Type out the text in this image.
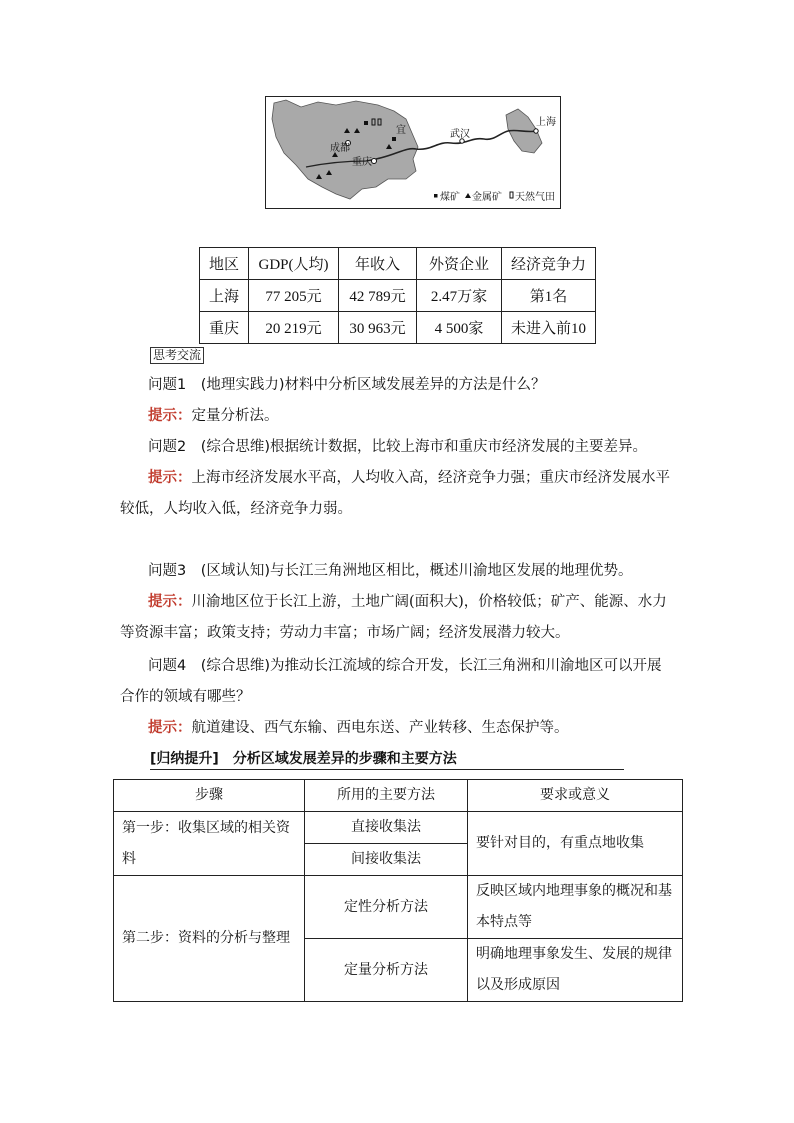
成都
重庆
武汉
上海
宜
煤矿 金属矿 天然气田
地区	GDP(人均)	年收入	外资企业	经济竞争力
上海	77 205元	42 789元	2.47万家	第1名
重庆	20 219元	30 963元	4 500家	未进入前10
思考交流
问题1　(地理实践力)材料中分析区域发展差异的方法是什么？
提示：定量分析法。
问题2　(综合思维)根据统计数据，比较上海市和重庆市经济发展的主要差异。
提示：上海市经济发展水平高，人均收入高，经济竞争力强；重庆市经济发展水平较低，人均收入低，经济竞争力弱。
问题3　(区域认知)与长江三角洲地区相比，概述川渝地区发展的地理优势。
提示：川渝地区位于长江上游，土地广阔(面积大)，价格较低；矿产、能源、水力等资源丰富；政策支持；劳动力丰富；市场广阔；经济发展潜力较大。
问题4　(综合思维)为推动长江流域的综合开发，长江三角洲和川渝地区可以开展合作的领域有哪些？
提示：航道建设、西气东输、西电东送、产业转移、生态保护等。
[归纳提升]　分析区域发展差异的步骤和主要方法
步骤	所用的主要方法	要求或意义
第一步：收集区域的相关资料	直接收集法	要针对目的，有重点地收集
	间接收集法	
第二步：资料的分析与整理	定性分析方法	反映区域内地理事象的概况和基本特点等
	定量分析方法	明确地理事象发生、发展的规律以及形成原因
